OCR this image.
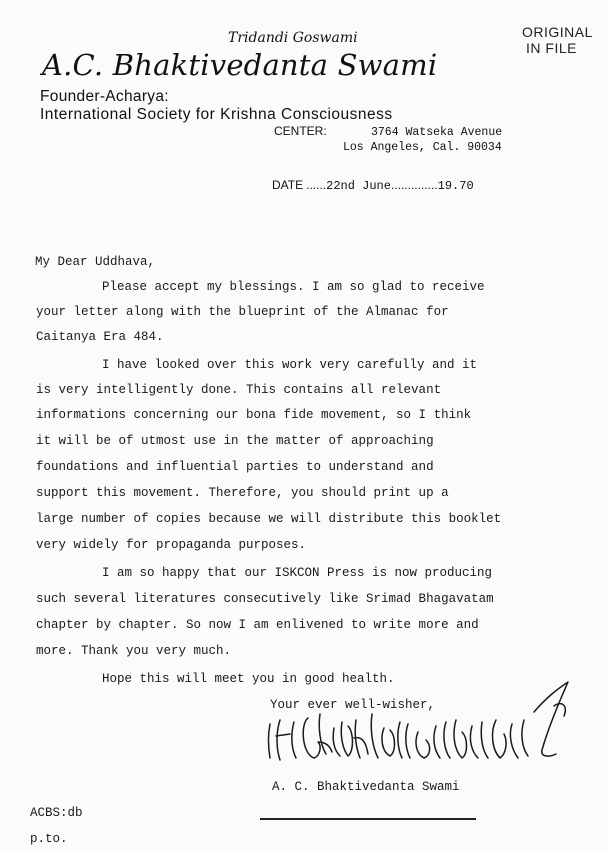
ORIGINAL
IN FILE
Tridandi Goswami
A.C. Bhaktivedanta Swami
Founder-Acharya:
International Society for Krishna Consciousness
CENTER:	3764 Watseka Avenue
Los Angeles, Cal. 90034
DATE ......22nd June..............19.70
My Dear Uddhava,
Please accept my blessings. I am so glad to receive
your letter along with the blueprint of the Almanac for
Caitanya Era 484.
I have looked over this work very carefully and it
is very intelligently done. This contains all relevant
informations concerning our bona fide movement, so I think
it will be of utmost use in the matter of approaching
foundations and influential parties to understand and
support this movement. Therefore, you should print up a
large number of copies because we will distribute this booklet
very widely for propaganda purposes.
I am so happy that our ISKCON Press is now producing
such several literatures consecutively like Srimad Bhagavatam
chapter by chapter. So now I am enlivened to write more and
more. Thank you very much.
Hope this will meet you in good health.
Your ever well-wisher,
A. C. Bhaktivedanta Swami
ACBS:db
p.to.
